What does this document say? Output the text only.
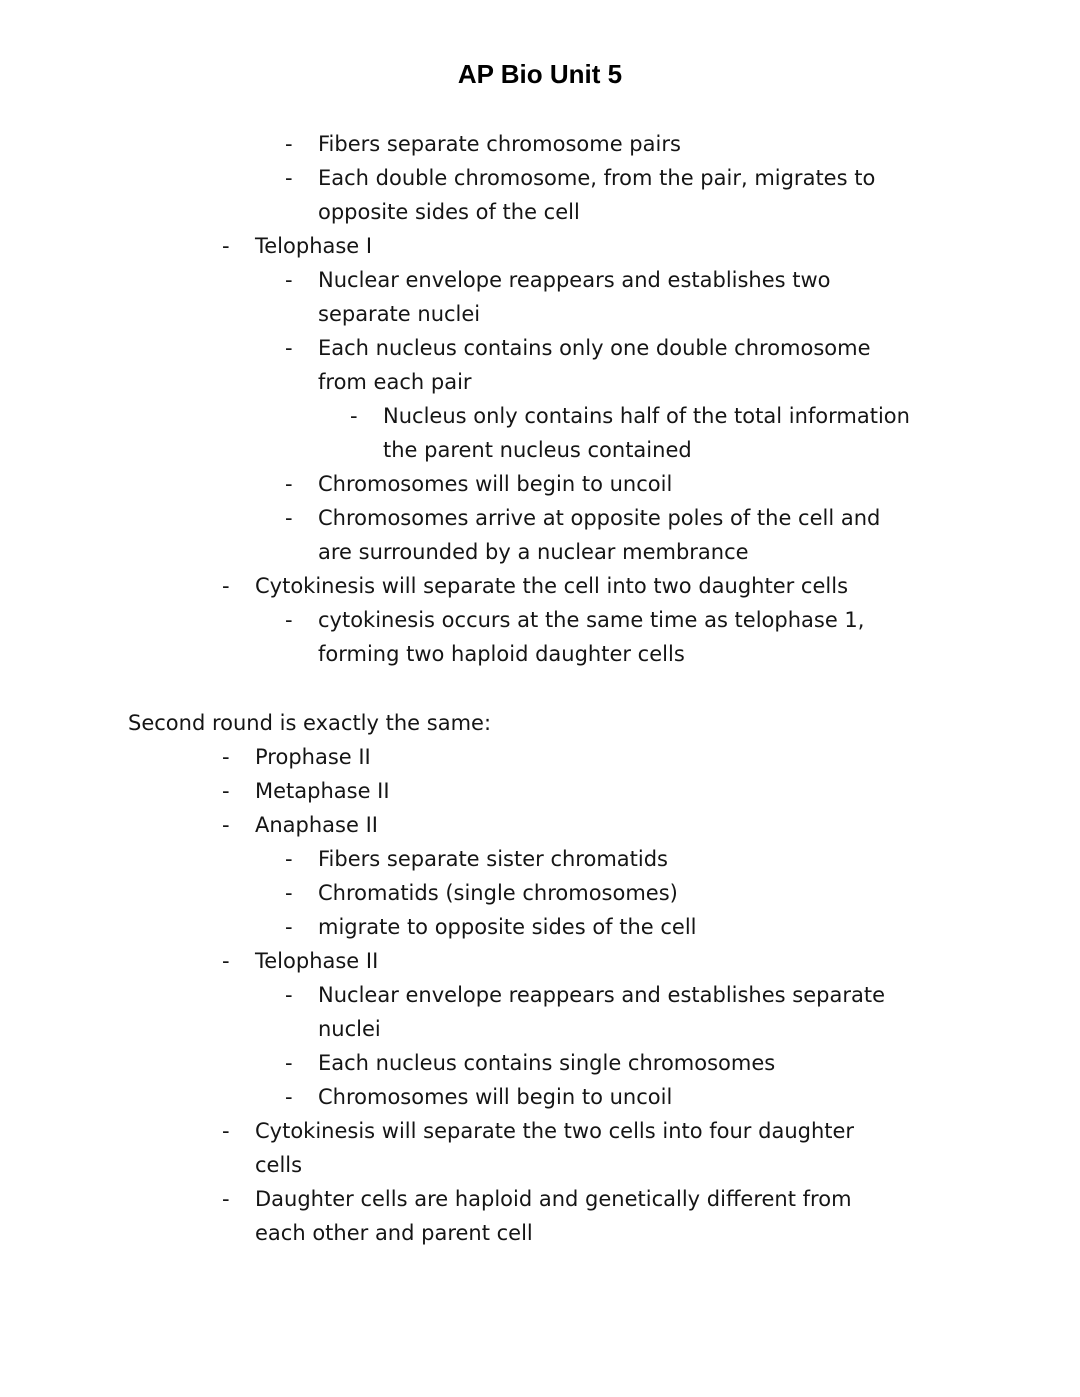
AP Bio Unit 5
-	Fibers separate chromosome pairs
-	Each double chromosome, from the pair, migrates to
opposite sides of the cell
-	Telophase I
-	Nuclear envelope reappears and establishes two
separate nuclei
-	Each nucleus contains only one double chromosome
from each pair
-	Nucleus only contains half of the total information
the parent nucleus contained
-	Chromosomes will begin to uncoil
-	Chromosomes arrive at opposite poles of the cell and
are surrounded by a nuclear membrance
-	Cytokinesis will separate the cell into two daughter cells
-	cytokinesis occurs at the same time as telophase 1,
forming two haploid daughter cells
Second round is exactly the same:
-	Prophase II
-	Metaphase II
-	Anaphase II
-	Fibers separate sister chromatids
-	Chromatids (single chromosomes)
-	migrate to opposite sides of the cell
-	Telophase II
-	Nuclear envelope reappears and establishes separate
nuclei
-	Each nucleus contains single chromosomes
-	Chromosomes will begin to uncoil
-	Cytokinesis will separate the two cells into four daughter
cells
-	Daughter cells are haploid and genetically different from
each other and parent cell
